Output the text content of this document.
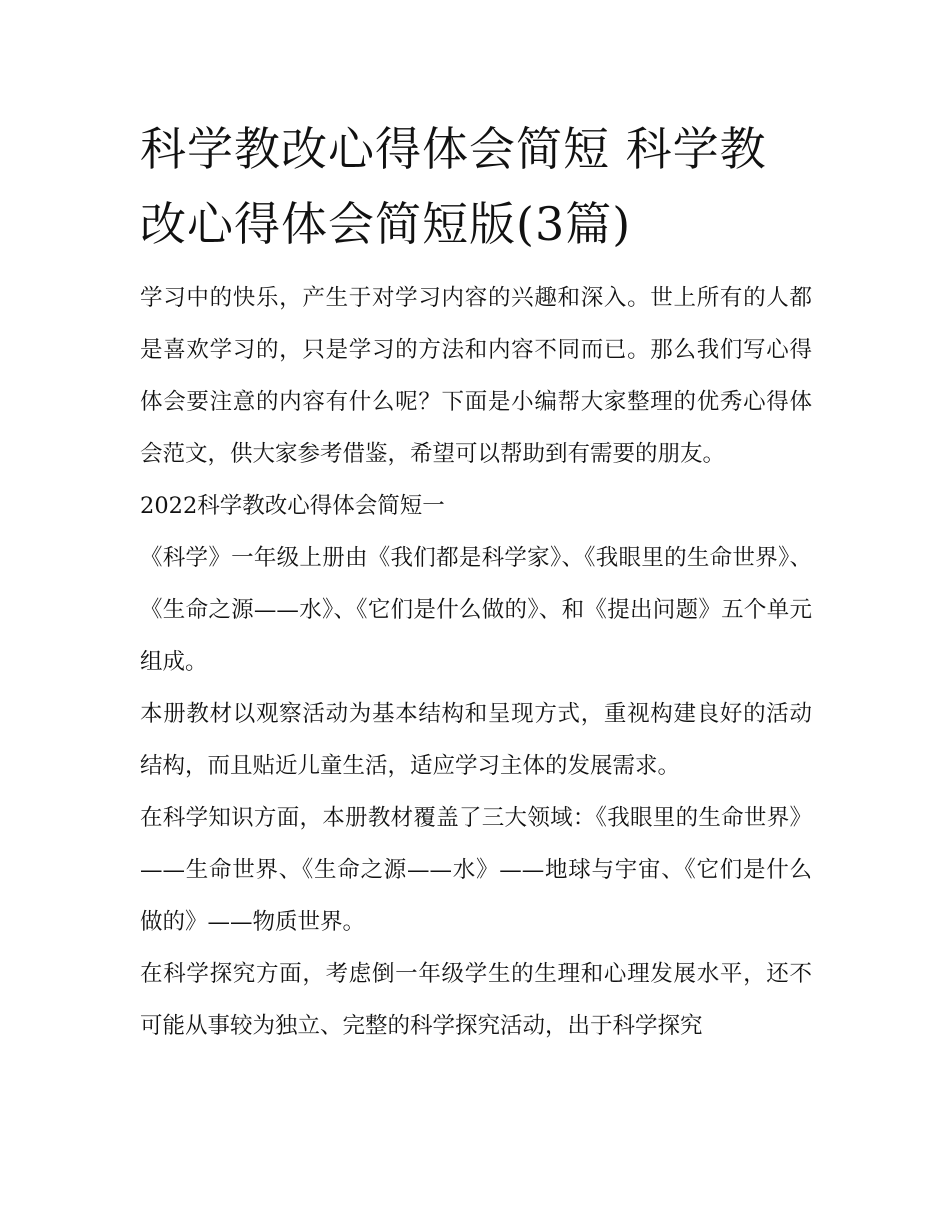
科学教改心得体会简短 科学教改心得体会简短版(3篇)

学习中的快乐，产生于对学习内容的兴趣和深入。世上所有的人都是喜欢学习的，只是学习的方法和内容不同而已。那么我们写心得体会要注意的内容有什么呢？下面是小编帮大家整理的优秀心得体会范文，供大家参考借鉴，希望可以帮助到有需要的朋友。

2022科学教改心得体会简短一

《科学》一年级上册由《我们都是科学家》、《我眼里的生命世界》、《生命之源——水》、《它们是什么做的》、和《提出问题》五个单元组成。

本册教材以观察活动为基本结构和呈现方式，重视构建良好的活动结构，而且贴近儿童生活，适应学习主体的发展需求。

在科学知识方面，本册教材覆盖了三大领域：《我眼里的生命世界》——生命世界、《生命之源——水》——地球与宇宙、《它们是什么做的》——物质世界。

在科学探究方面，考虑倒一年级学生的生理和心理发展水平，还不可能从事较为独立、完整的科学探究活动，出于科学探究
